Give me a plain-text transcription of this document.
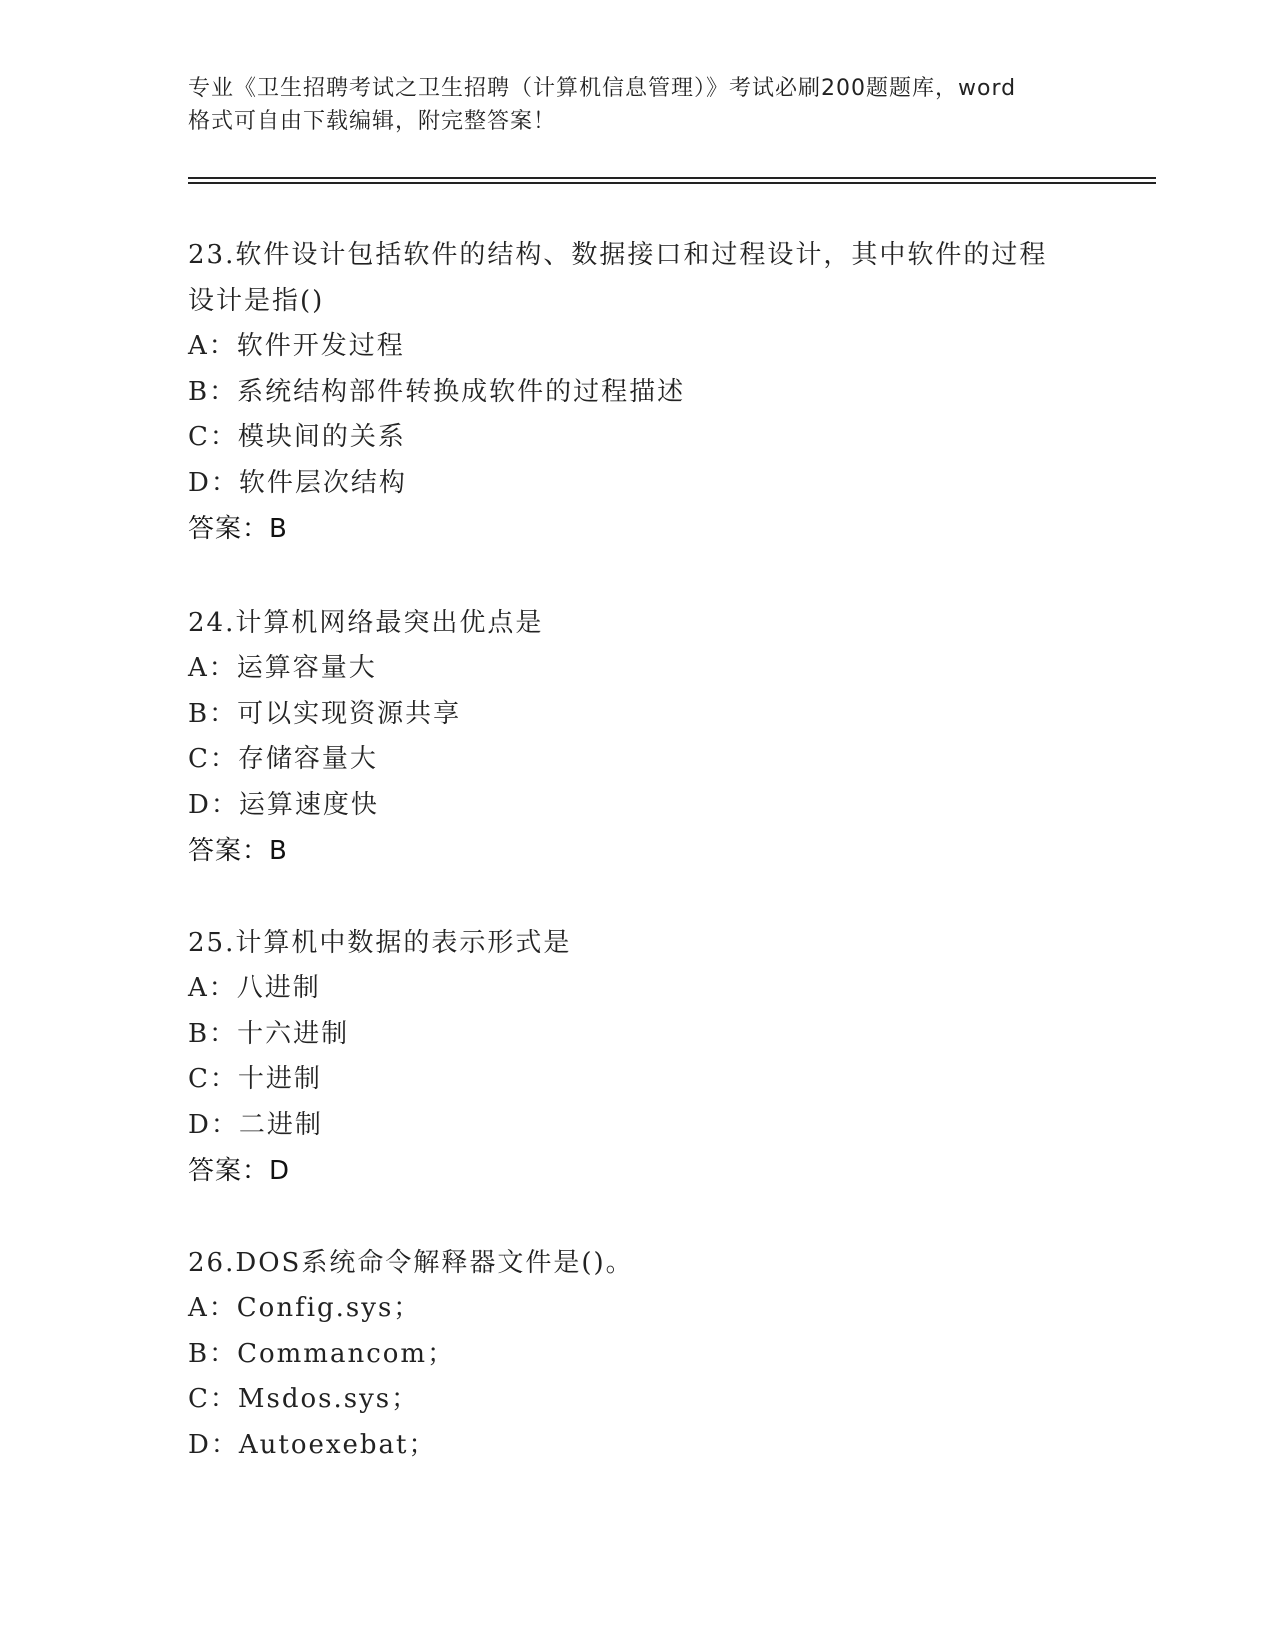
专业《卫生招聘考试之卫生招聘（计算机信息管理）》考试必刷200题题库，word
格式可自由下载编辑，附完整答案！
23.软件设计包括软件的结构、数据接口和过程设计，其中软件的过程
设计是指()
A：软件开发过程
B：系统结构部件转换成软件的过程描述
C：模块间的关系
D：软件层次结构
答案：B
24.计算机网络最突出优点是
A：运算容量大
B：可以实现资源共享
C：存储容量大
D：运算速度快
答案：B
25.计算机中数据的表示形式是
A：八进制
B：十六进制
C：十进制
D：二进制
答案：D
26.DOS系统命令解释器文件是()。
A：Config.sys；
B：Commancom；
C：Msdos.sys；
D：Autoexebat；
